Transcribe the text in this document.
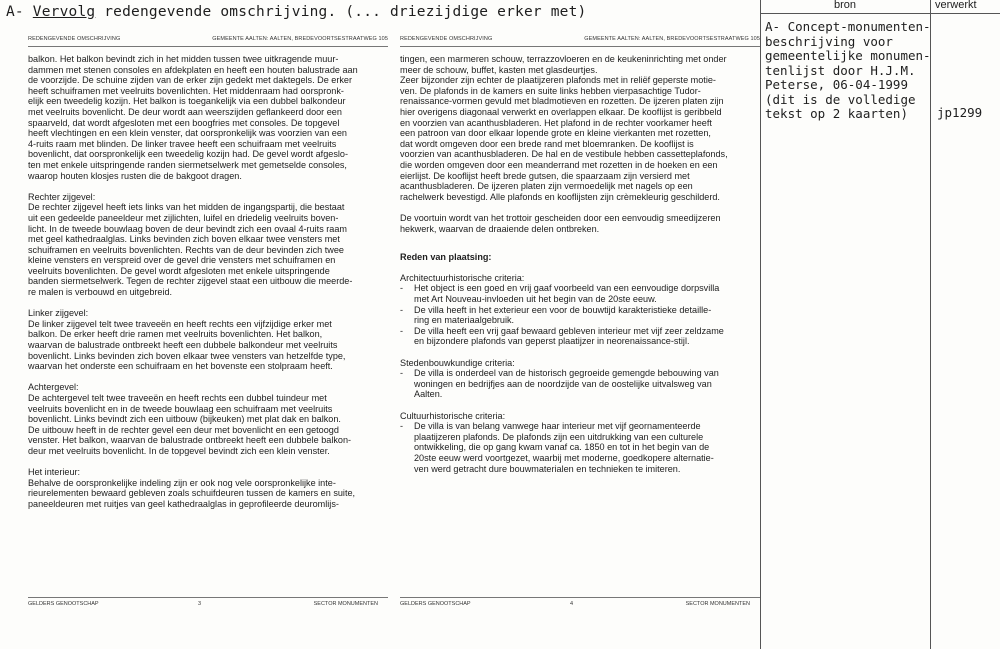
A- Vervolg redengevende omschrijving. (... driezijdige erker met)	bron	verwerkt
A- Concept-monumenten-
beschrijving voor
gemeentelijke monumen-
tenlijst door H.J.M.
Peterse, 06-04-1999
(dit is de volledige
tekst op 2 kaarten)	jp1299
REDENGEVENDE OMSCHRIJVING	GEMEENTE AALTEN: AALTEN, BREDEVOORTSESTRAATWEG 105

balkon. Het balkon bevindt zich in het midden tussen twee uitkragende muur-
dammen met stenen consoles en afdekplaten en heeft een houten balustrade aan
de voorzijde. De schuine zijden van de erker zijn gedekt met daktegels. De erker
heeft schuiframen met veelruits bovenlichten. Het middenraam had oorspronk-
elijk een tweedelig kozijn. Het balkon is toegankelijk via een dubbel balkondeur
met veelruits bovenlicht. De deur wordt aan weerszijden geflankeerd door een
spaarveld, dat wordt afgesloten met een boogfries met consoles. De topgevel
heeft vlechtingen en een klein venster, dat oorspronkelijk was voorzien van een
4-ruits raam met blinden. De linker travee heeft een schuifraam met veelruits
bovenlicht, dat oorspronkelijk een tweedelig kozijn had. De gevel wordt afgeslo-
ten met enkele uitspringende randen siermetselwerk met gemetselde consoles,
waarop houten klosjes rusten die de bakgoot dragen.

Rechter zijgevel:

De rechter zijgevel heeft iets links van het midden de ingangspartij, die bestaat
uit een gedeelde paneeldeur met zijlichten, luifel en driedelig veelruits boven-
licht. In de tweede bouwlaag boven de deur bevindt zich een ovaal 4-ruits raam
met geel kathedraalglas. Links bevinden zich boven elkaar twee vensters met
schuiframen en veelruits bovenlichten. Rechts van de deur bevinden zich twee
kleine vensters en verspreid over de gevel drie vensters met schuiframen en
veelruits bovenlichten. De gevel wordt afgesloten met enkele uitspringende
banden siermetselwerk. Tegen de rechter zijgevel staat een uitbouw die meerde-
re malen is verbouwd en uitgebreid.

Linker zijgevel:

De linker zijgevel telt twee traveeën en heeft rechts een vijfzijdige erker met
balkon. De erker heeft drie ramen met veelruits bovenlichten. Het balkon,
waarvan de balustrade ontbreekt heeft een dubbele balkondeur met veelruits
bovenlicht. Links bevinden zich boven elkaar twee vensters van hetzelfde type,
waarvan het onderste een schuifraam en het bovenste een stolpraam heeft.

Achtergevel:

De achtergevel telt twee traveeën en heeft rechts een dubbel tuindeur met
veelruits bovenlicht en in de tweede bouwlaag een schuifraam met veelruits
bovenlicht. Links bevindt zich een uitbouw (bijkeuken) met plat dak en balkon.
De uitbouw heeft in de rechter gevel een deur met bovenlicht en een getoogd
venster. Het balkon, waarvan de balustrade ontbreekt heeft een dubbele balkon-
deur met veelruits bovenlicht. In de topgevel bevindt zich een klein venster.

Het interieur:

Behalve de oorspronkelijke indeling zijn er ook nog vele oorspronkelijke inte-
rieurelementen bewaard gebleven zoals schuifdeuren tussen de kamers en suite,
paneeldeuren met ruitjes van geel kathedraalglas in geprofileerde deuromlijs-

GELDERS GENOOTSCHAP	3	SECTOR MONUMENTEN
REDENGEVENDE OMSCHRIJVING	GEMEENTE AALTEN: AALTEN, BREDEVOORTSESTRAATWEG 105

tingen, een marmeren schouw, terrazzovloeren en de keukeninrichting met onder
meer de schouw, buffet, kasten met glasdeurtjes.
Zeer bijzonder zijn echter de plaatijzeren plafonds met in reliëf geperste motie-
ven. De plafonds in de kamers en suite links hebben vierpasachtige Tudor-
renaissance-vormen gevuld met bladmotieven en rozetten. De ijzeren platen zijn
hier overigens diagonaal verwerkt en overlappen elkaar. De kooflijst is geribbeld
en voorzien van acanthusbladeren. Het plafond in de rechter voorkamer heeft
een patroon van door elkaar lopende grote en kleine vierkanten met rozetten,
dat wordt omgeven door een brede rand met bloemranken. De kooflijst is
voorzien van acanthusbladeren. De hal en de vestibule hebben cassetteplafonds,
die worden omgeven door een meanderrand met rozetten in de hoeken en een
eierlijst. De kooflijst heeft brede gutsen, die spaarzaam zijn versierd met
acanthusbladeren. De ijzeren platen zijn vermoedelijk met nagels op een
rachelwerk bevestigd. Alle plafonds en kooflijsten zijn crèmekleurig geschilderd.

De voortuin wordt van het trottoir gescheiden door een eenvoudig smeedijzeren
hekwerk, waarvan de draaiende delen ontbreken.

Reden van plaatsing:

Architectuurhistorische criteria:

- Het object is een goed en vrij gaaf voorbeeld van een eenvoudige dorpsvilla
met Art Nouveau-invloeden uit het begin van de 20ste eeuw.
- De villa heeft in het exterieur een voor de bouwtijd karakteristieke detaille-
ring en materiaalgebruik.
- De villa heeft een vrij gaaf bewaard gebleven interieur met vijf zeer zeldzame
en bijzondere plafonds van geperst plaatijzer in neorenaissance-stijl.

Stedenbouwkundige criteria:

- De villa is onderdeel van de historisch gegroeide gemengde bebouwing van
woningen en bedrijfjes aan de noordzijde van de oostelijke uitvalsweg van
Aalten.

Cultuurhistorische criteria:

- De villa is van belang vanwege haar interieur met vijf geornamenteerde
plaatijzeren plafonds. De plafonds zijn een uitdrukking van een culturele
ontwikkeling, die op gang kwam vanaf ca. 1850 en tot in het begin van de
20ste eeuw werd voortgezet, waarbij met moderne, goedkopere alternatie-
ven werd getracht dure bouwmaterialen en technieken te imiteren.
GELDERS GENOOTSCHAP	4	SECTOR MONUMENTEN
